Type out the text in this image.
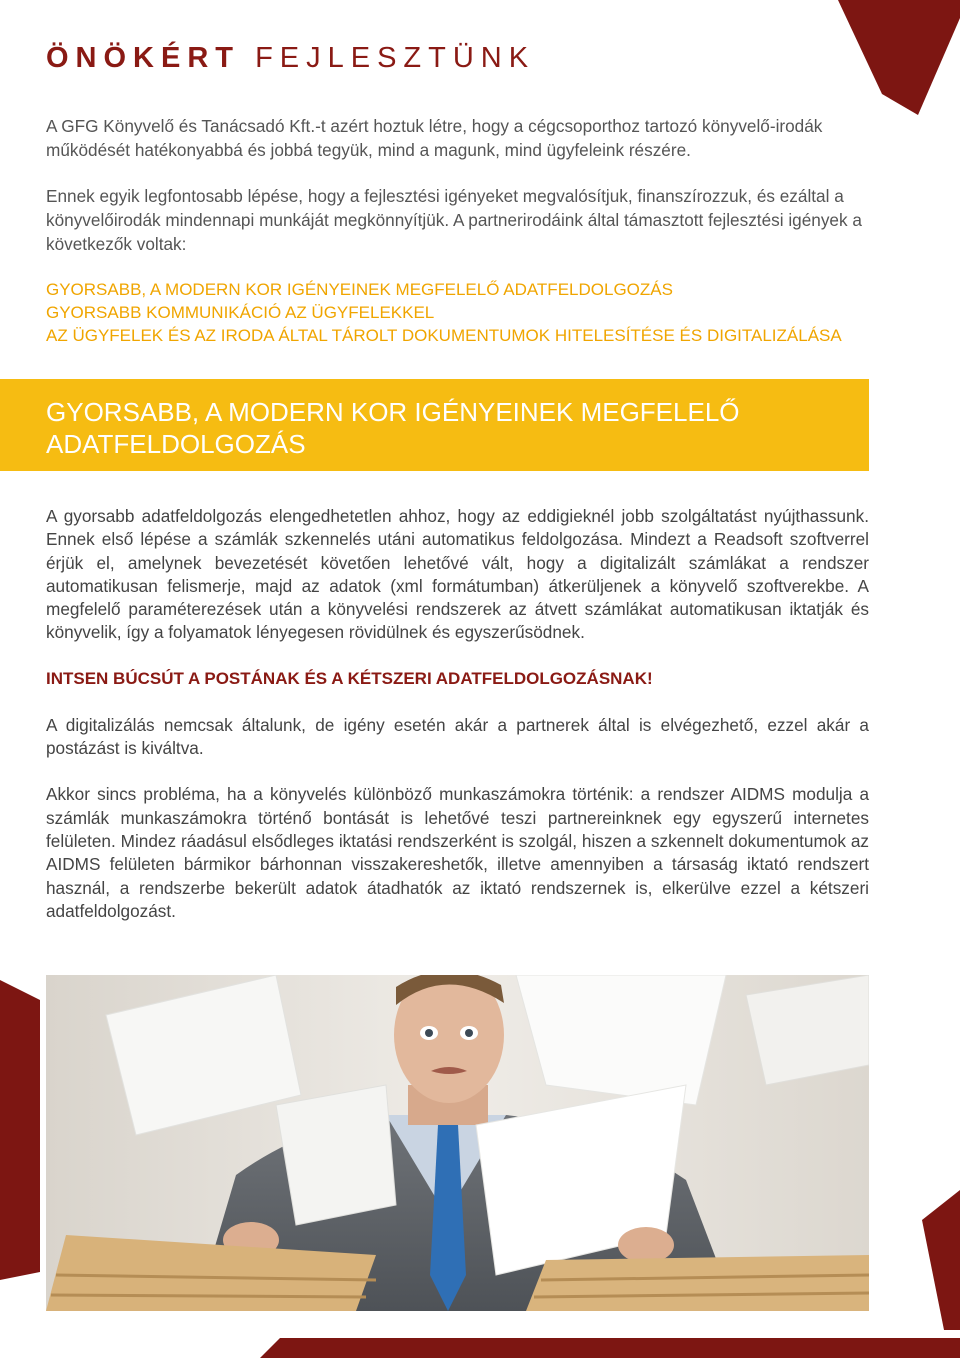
ÖNÖKÉRT FEJLESZTÜNK

A GFG Könyvelő és Tanácsadó Kft.-t azért hoztuk létre, hogy a cégcsoporthoz tartozó könyvelő-irodák működését hatékonyabbá és jobbá tegyük, mind a magunk, mind ügyfeleink részére.

Ennek egyik legfontosabb lépése, hogy a fejlesztési igényeket megvalósítjuk, finanszírozzuk, és ezáltal a könyvelőirodák mindennapi munkáját megkönnyítjük. A partnerirodáink által támasztott fejlesztési igények a következők voltak:

GYORSABB, A MODERN KOR IGÉNYEINEK MEGFELELŐ ADATFELDOLGOZÁS
GYORSABB KOMMUNIKÁCIÓ AZ ÜGYFELEKKEL
AZ ÜGYFELEK ÉS AZ IRODA ÁLTAL TÁROLT DOKUMENTUMOK HITELESÍTÉSE ÉS DIGITALIZÁLÁSA
GYORSABB, A MODERN KOR IGÉNYEINEK MEGFELELŐ ADATFELDOLGOZÁS

A gyorsabb adatfeldolgozás elengedhetetlen ahhoz, hogy az eddigieknél jobb szolgáltatást nyújthassunk. Ennek első lépése a számlák szkennelés utáni automatikus feldolgozása. Mindezt a Readsoft szoftverrel érjük el, amelynek bevezetését követően lehetővé vált, hogy a digitalizált számlákat a rendszer automatikusan felismerje, majd az adatok (xml formátumban) átkerüljenek a könyvelő szoftverekbe. A megfelelő paraméterezések után a könyvelési rendszerek az átvett számlákat automatikusan iktatják és könyvelik, így a folyamatok lényegesen rövidülnek és egyszerűsödnek.

INTSEN BÚCSÚT A POSTÁNAK ÉS A KÉTSZERI ADATFELDOLGOZÁSNAK!

A digitalizálás nemcsak általunk, de igény esetén akár a partnerek által is elvégezhető, ezzel akár a postázást is kiváltva.

Akkor sincs probléma, ha a könyvelés különböző munkaszámokra történik: a rendszer AIDMS modulja a számlák munkaszámokra történő bontását is lehetővé teszi partnereinknek egy egyszerű internetes felületen. Mindez ráadásul elsődleges iktatási rendszerként is szolgál, hiszen a szkennelt dokumentumok az AIDMS felületen bármikor bárhonnan visszakereshetők, illetve amennyiben a társaság iktató rendszert használ, a rendszerbe bekerült adatok átadhatók az iktató rendszernek is, elkerülve ezzel a kétszeri adatfeldolgozást.
